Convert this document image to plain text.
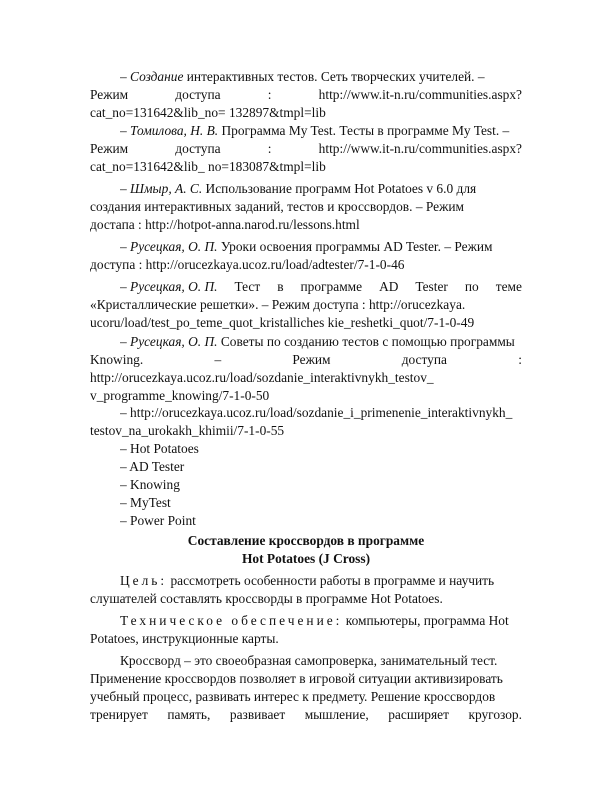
– Создание интерактивных тестов. Сеть творческих учителей. –
Режим	доступа	:	http://www.it-n.ru/communities.aspx?
cat_no=131642&lib_no= 132897&tmpl=lib
– Томилова, Н. В. Программа My Test. Тесты в программе My Test. –
Режим	доступа	:	http://www.it-n.ru/communities.aspx?
cat_no=131642&lib_ no=183087&tmpl=lib
– Шмыр, А. С. Использование программ Hot Potatoes v 6.0 для
создания интерактивных заданий, тестов и кроссвордов. – Режим
достапа : http://hotpot-anna.narod.ru/lessons.html
– Русецкая, О. П. Уроки освоения программы AD Tester. – Режим
доступа : http://orucezkaya.ucoz.ru/load/adtester/7-1-0-46
– Русецкая, О. П. Тест в программе AD Tester по теме
«Кристаллические решетки». – Режим доступа : http://orucezkaya.
ucoru/load/test_po_teme_quot_kristalliches kie_reshetki_quot/7-1-0-49
– Русецкая, О. П. Советы по созданию тестов с помощью программы
Knowing.	–	Режим	доступа	:
http://orucezkaya.ucoz.ru/load/sozdanie_interaktivnykh_testov_
v_programme_knowing/7-1-0-50
– http://orucezkaya.ucoz.ru/load/sozdanie_i_primenenie_interaktivnykh_
testov_na_urokakh_khimii/7-1-0-55
– Hot Potatoes
– AD Tester
– Knowing
– MyTest
– Power Point
Составление кроссвордов в программе
Hot Potatoes (J Cross)
Цель: рассмотреть особенности работы в программе и научить
слушателей составлять кроссворды в программе Hot Potatoes.
Техническое обеспечение: компьютеры, программа Hot
Potatoes, инструкционные карты.
Кроссворд – это своеобразная самопроверка, занимательный тест.
Применение кроссвордов позволяет в игровой ситуации активизировать
учебный процесс, развивать интерес к предмету. Решение кроссвордов
тренирует память, развивает мышление, расширяет кругозор.
